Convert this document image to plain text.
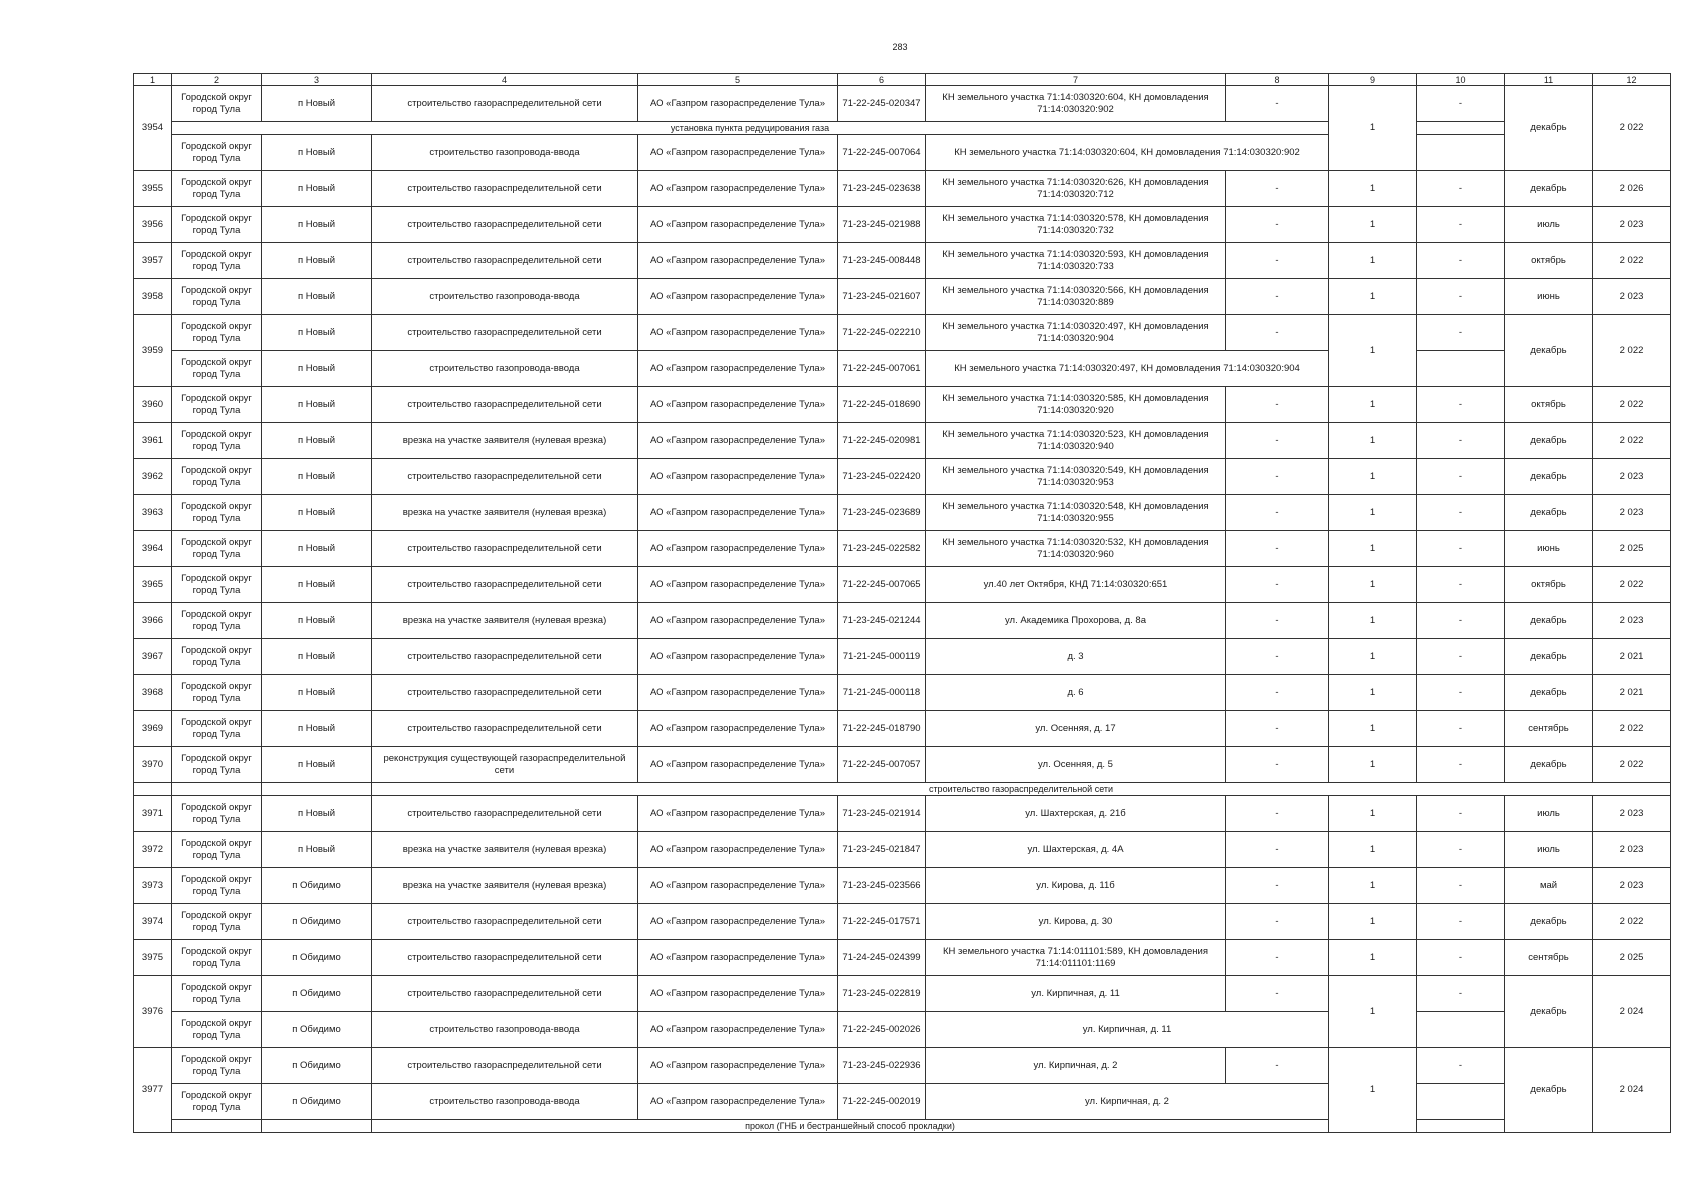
283
1	2	3	4	5	6	7	8	9	10	11	12
3954	Городской округ город Тула	п Новый	строительство газораспределительной сети	АО «Газпром газораспределение Тула»	71-22-245-020347	КН земельного участка 71:14:030320:604, КН домовладения 71:14:030320:902	-	1	-	декабрь	2 022
	установка пункта редуцирования газа										
	Городской округ город Тула	п Новый	строительство газопровода-ввода	АО «Газпром газораспределение Тула»	71-22-245-007064	КН земельного участка 71:14:030320:604, КН домовладения 71:14:030320:902					
3955	Городской округ город Тула	п Новый	строительство газораспределительной сети	АО «Газпром газораспределение Тула»	71-23-245-023638	КН земельного участка 71:14:030320:626, КН домовладения 71:14:030320:712	-	1	-	декабрь	2 026
3956	Городской округ город Тула	п Новый	строительство газораспределительной сети	АО «Газпром газораспределение Тула»	71-23-245-021988	КН земельного участка 71:14:030320:578, КН домовладения 71:14:030320:732	-	1	-	июль	2 023
3957	Городской округ город Тула	п Новый	строительство газораспределительной сети	АО «Газпром газораспределение Тула»	71-23-245-008448	КН земельного участка 71:14:030320:593, КН домовладения 71:14:030320:733	-	1	-	октябрь	2 022
3958	Городской округ город Тула	п Новый	строительство газопровода-ввода	АО «Газпром газораспределение Тула»	71-23-245-021607	КН земельного участка 71:14:030320:566, КН домовладения 71:14:030320:889	-	1	-	июнь	2 023
3959	Городской округ город Тула	п Новый	строительство газораспределительной сети	АО «Газпром газораспределение Тула»	71-22-245-022210	КН земельного участка 71:14:030320:497, КН домовладения 71:14:030320:904	-	1	-	декабрь	2 022
	Городской округ город Тула	п Новый	строительство газопровода-ввода	АО «Газпром газораспределение Тула»	71-22-245-007061	КН земельного участка 71:14:030320:497, КН домовладения 71:14:030320:904					
3960	Городской округ город Тула	п Новый	строительство газораспределительной сети	АО «Газпром газораспределение Тула»	71-22-245-018690	КН земельного участка 71:14:030320:585, КН домовладения 71:14:030320:920	-	1	-	октябрь	2 022
3961	Городской округ город Тула	п Новый	врезка на участке заявителя (нулевая врезка)	АО «Газпром газораспределение Тула»	71-22-245-020981	КН земельного участка 71:14:030320:523, КН домовладения 71:14:030320:940	-	1	-	декабрь	2 022
3962	Городской округ город Тула	п Новый	строительство газораспределительной сети	АО «Газпром газораспределение Тула»	71-23-245-022420	КН земельного участка 71:14:030320:549, КН домовладения 71:14:030320:953	-	1	-	декабрь	2 023
3963	Городской округ город Тула	п Новый	врезка на участке заявителя (нулевая врезка)	АО «Газпром газораспределение Тула»	71-23-245-023689	КН земельного участка 71:14:030320:548, КН домовладения 71:14:030320:955	-	1	-	декабрь	2 023
3964	Городской округ город Тула	п Новый	строительство газораспределительной сети	АО «Газпром газораспределение Тула»	71-23-245-022582	КН земельного участка 71:14:030320:532, КН домовладения 71:14:030320:960	-	1	-	июнь	2 025
3965	Городской округ город Тула	п Новый	строительство газораспределительной сети	АО «Газпром газораспределение Тула»	71-22-245-007065	ул.40 лет Октября, КНД 71:14:030320:651	-	1	-	октябрь	2 022
3966	Городской округ город Тула	п Новый	врезка на участке заявителя (нулевая врезка)	АО «Газпром газораспределение Тула»	71-23-245-021244	ул. Академика Прохорова, д. 8а	-	1	-	декабрь	2 023
3967	Городской округ город Тула	п Новый	строительство газораспределительной сети	АО «Газпром газораспределение Тула»	71-21-245-000119	д. 3	-	1	-	декабрь	2 021
3968	Городской округ город Тула	п Новый	строительство газораспределительной сети	АО «Газпром газораспределение Тула»	71-21-245-000118	д. 6	-	1	-	декабрь	2 021
3969	Городской округ город Тула	п Новый	строительство газораспределительной сети	АО «Газпром газораспределение Тула»	71-22-245-018790	ул. Осенняя, д. 17	-	1	-	сентябрь	2 022
3970	Городской округ город Тула	п Новый	реконструкция существующей газораспределительной сети	АО «Газпром газораспределение Тула»	71-22-245-007057	ул. Осенняя, д. 5	-	1	-	декабрь	2 022
			строительство газораспределительной сети								
3971	Городской округ город Тула	п Новый	строительство газораспределительной сети	АО «Газпром газораспределение Тула»	71-23-245-021914	ул. Шахтерская, д. 21б	-	1	-	июль	2 023
3972	Городской округ город Тула	п Новый	врезка на участке заявителя (нулевая врезка)	АО «Газпром газораспределение Тула»	71-23-245-021847	ул. Шахтерская, д. 4А	-	1	-	июль	2 023
3973	Городской округ город Тула	п Обидимо	врезка на участке заявителя (нулевая врезка)	АО «Газпром газораспределение Тула»	71-23-245-023566	ул. Кирова, д. 11б	-	1	-	май	2 023
3974	Городской округ город Тула	п Обидимо	строительство газораспределительной сети	АО «Газпром газораспределение Тула»	71-22-245-017571	ул. Кирова, д. 30	-	1	-	декабрь	2 022
3975	Городской округ город Тула	п Обидимо	строительство газораспределительной сети	АО «Газпром газораспределение Тула»	71-24-245-024399	КН земельного участка 71:14:011101:589, КН домовладения 71:14:011101:1169	-	1	-	сентябрь	2 025
3976	Городской округ город Тула	п Обидимо	строительство газораспределительной сети	АО «Газпром газораспределение Тула»	71-23-245-022819	ул. Кирпичная, д. 11	-	1	-	декабрь	2 024
	Городской округ город Тула	п Обидимо	строительство газопровода-ввода	АО «Газпром газораспределение Тула»	71-22-245-002026	ул. Кирпичная, д. 11					
3977	Городской округ город Тула	п Обидимо	строительство газораспределительной сети	АО «Газпром газораспределение Тула»	71-23-245-022936	ул. Кирпичная, д. 2	-	1	-	декабрь	2 024
	Городской округ город Тула	п Обидимо	строительство газопровода-ввода	АО «Газпром газораспределение Тула»	71-22-245-002019	ул. Кирпичная, д. 2					
			прокол (ГНБ и бестраншейный способ прокладки)								
